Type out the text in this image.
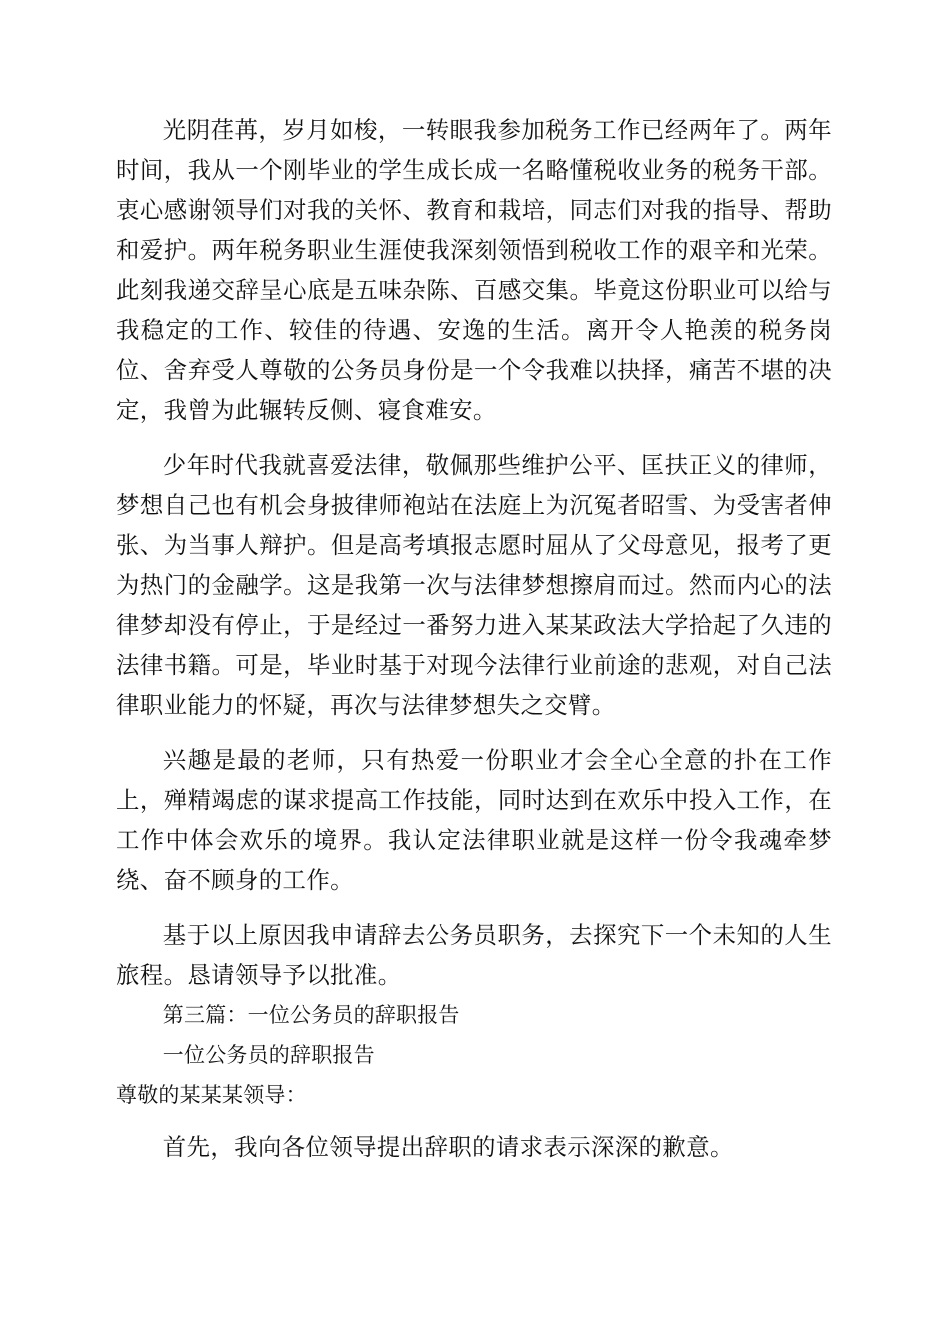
光阴荏苒，岁月如梭，一转眼我参加税务工作已经两年了。两年时间，我从一个刚毕业的学生成长成一名略懂税收业务的税务干部。衷心感谢领导们对我的关怀、教育和栽培，同志们对我的指导、帮助和爱护。两年税务职业生涯使我深刻领悟到税收工作的艰辛和光荣。此刻我递交辞呈心底是五味杂陈、百感交集。毕竟这份职业可以给与我稳定的工作、较佳的待遇、安逸的生活。离开令人艳羡的税务岗位、舍弃受人尊敬的公务员身份是一个令我难以抉择，痛苦不堪的决定，我曾为此辗转反侧、寝食难安。

少年时代我就喜爱法律，敬佩那些维护公平、匡扶正义的律师，梦想自己也有机会身披律师袍站在法庭上为沉冤者昭雪、为受害者伸张、为当事人辩护。但是高考填报志愿时屈从了父母意见，报考了更为热门的金融学。这是我第一次与法律梦想擦肩而过。然而内心的法律梦却没有停止，于是经过一番努力进入某某政法大学拾起了久违的法律书籍。可是，毕业时基于对现今法律行业前途的悲观，对自己法律职业能力的怀疑，再次与法律梦想失之交臂。

兴趣是最的老师，只有热爱一份职业才会全心全意的扑在工作上，殚精竭虑的谋求提高工作技能，同时达到在欢乐中投入工作，在工作中体会欢乐的境界。我认定法律职业就是这样一份令我魂牵梦绕、奋不顾身的工作。

基于以上原因我申请辞去公务员职务，去探究下一个未知的人生旅程。恳请领导予以批准。

第三篇：一位公务员的辞职报告

一位公务员的辞职报告

尊敬的某某某领导：

首先，我向各位领导提出辞职的请求表示深深的歉意。
